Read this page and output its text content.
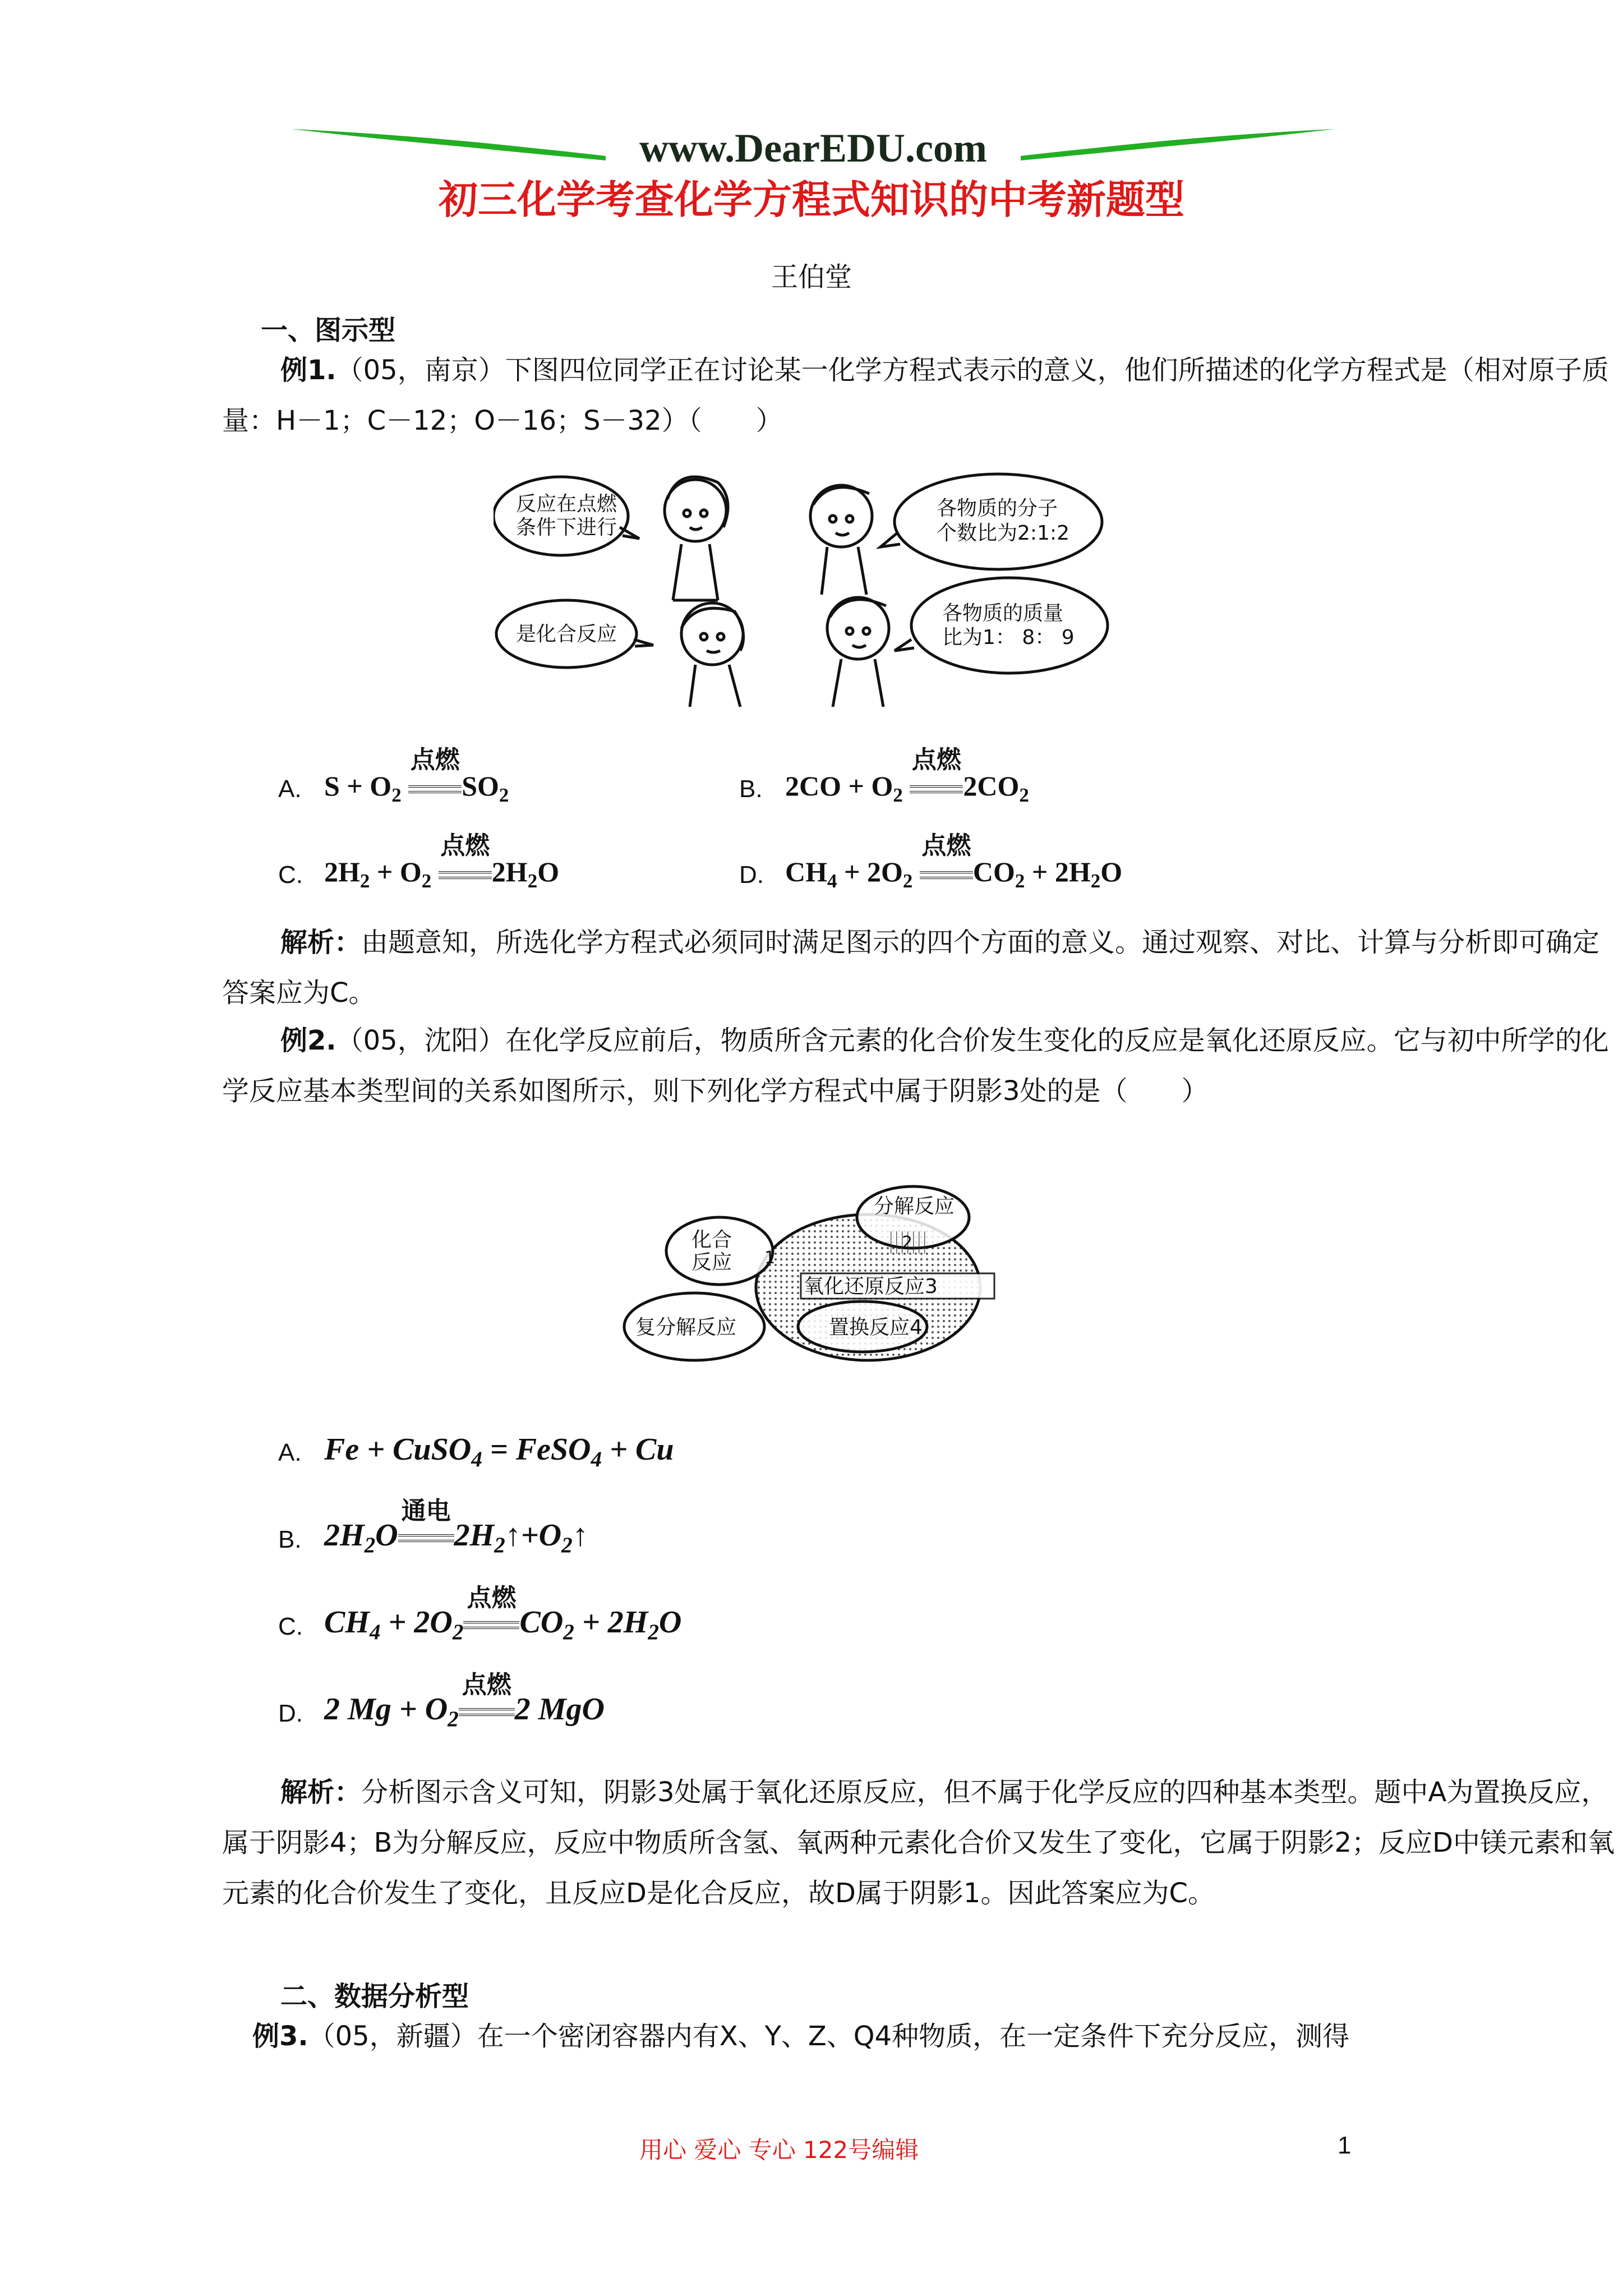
www.DearEDU.com
初三化学考查化学方程式知识的中考新题型
王伯堂
一、图示型
例1.（05，南京）下图四位同学正在讨论某一化学方程式表示的意义，他们所描述的化学方程式是（相对原子质量：H－1；C－12；O－16；S－32）（　　）
反应在点燃
条件下进行
各物质的分子
个数比为2:1:2
是化合反应
各物质的质量
比为1： 8： 9
A. $S + O_2$
点燃
$SO_2$	B. $2CO + O_2$
点燃
$2CO_2$
C. $2H_2 + O_2$
点燃
$2H_2O$	D. $CH_4 + 2O_2$
点燃
$CO_2 + 2H_2O$
解析：由题意知，所选化学方程式必须同时满足图示的四个方面的意义。通过观察、对比、计算与分析即可确定答案应为C。
例2.（05，沈阳）在化学反应前后，物质所含元素的化合价发生变化的反应是氧化还原反应。它与初中所学的化学反应基本类型间的关系如图所示，则下列化学方程式中属于阴影3处的是（　　）
化合
反应
分解反应
2
1
氧化还原反应3
置换反应4
复分解反应
A. Fe + CuSO$_4$ = FeSO$_4$ + Cu
B. $2H_2O$
通电
$2H_2↑+O_2↑$
C. $CH_4 + 2O_2$
点燃
$CO_2 + 2H_2O$
D. 2 $Mg + O_2$
点燃
2 MgO
解析：分析图示含义可知，阴影3处属于氧化还原反应，但不属于化学反应的四种基本类型。题中A为置换反应，属于阴影4；B为分解反应，反应中物质所含氢、氧两种元素化合价又发生了变化，它属于阴影2；反应D中镁元素和氧元素的化合价发生了变化，且反应D是化合反应，故D属于阴影1。因此答案应为C。
二、数据分析型
例3.（05，新疆）在一个密闭容器内有X、Y、Z、Q4种物质，在一定条件下充分反应，测得
用心 爱心 专心 122号编辑	1
